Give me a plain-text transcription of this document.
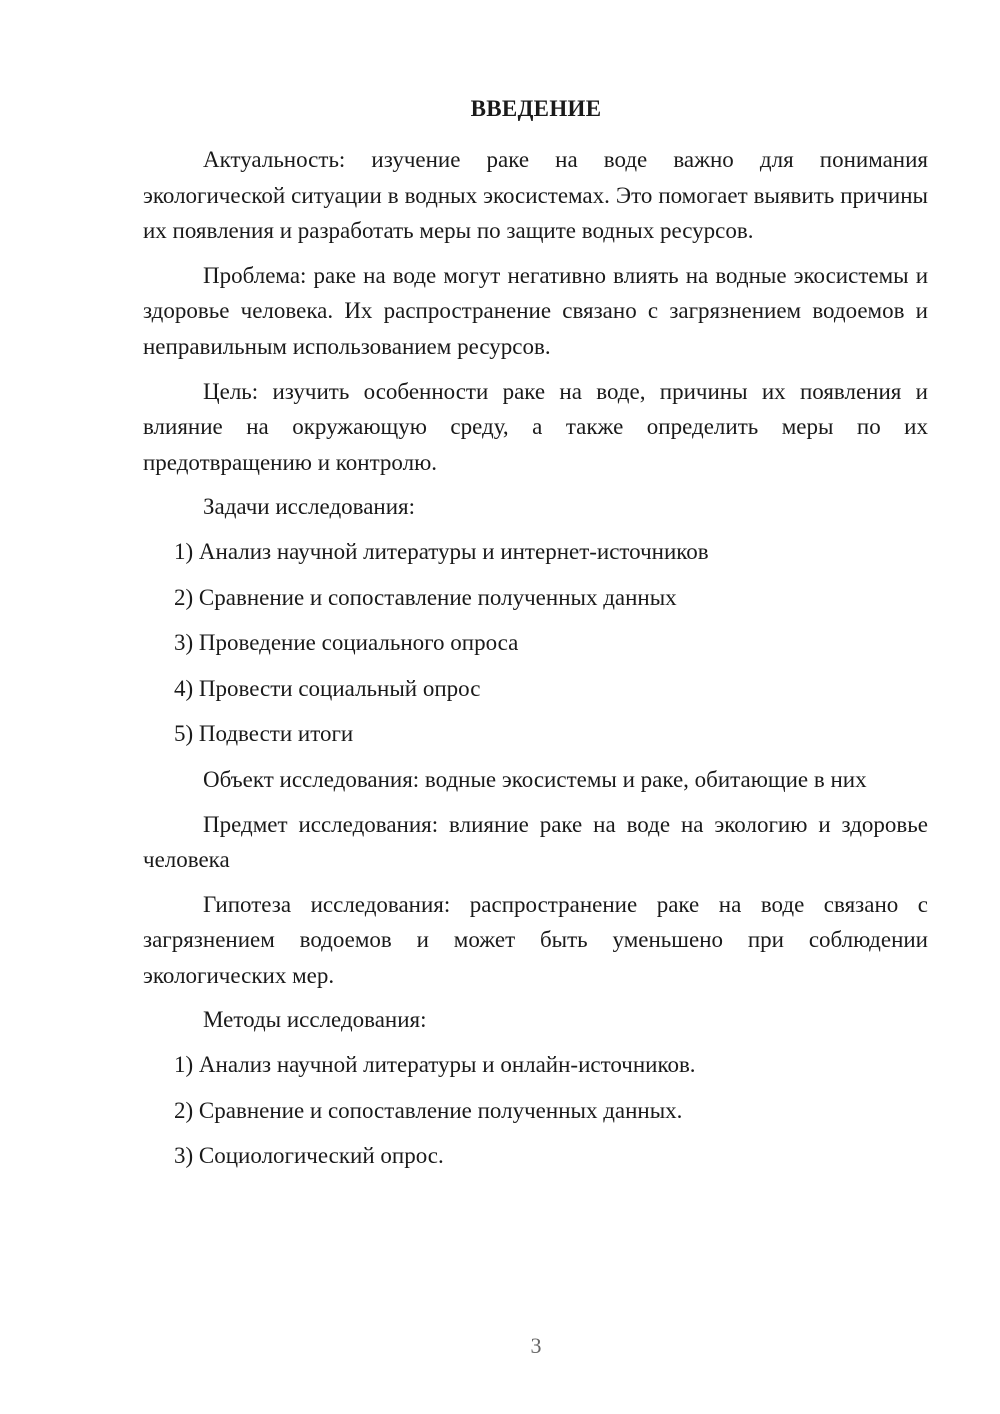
ВВЕДЕНИЕ

Актуальность: изучение раке на воде важно для понимания экологической ситуации в водных экосистемах. Это помогает выявить причины их появления и разработать меры по защите водных ресурсов.

Проблема: раке на воде могут негативно влиять на водные экосистемы и здоровье человека. Их распространение связано с загрязнением водоемов и неправильным использованием ресурсов.

Цель: изучить особенности раке на воде, причины их появления и влияние на окружающую среду, а также определить меры по их предотвращению и контролю.

Задачи исследования:

1) Анализ научной литературы и интернет-источников
2) Сравнение и сопоставление полученных данных
3) Проведение социального опроса
4) Провести социальный опрос
5) Подвести итоги

Объект исследования: водные экосистемы и раке, обитающие в них

Предмет исследования: влияние раке на воде на экологию и здоровье человека

Гипотеза исследования: распространение раке на воде связано с загрязнением водоемов и может быть уменьшено при соблюдении экологических мер.

Методы исследования:

1) Анализ научной литературы и онлайн-источников.
2) Сравнение и сопоставление полученных данных.
3) Социологический опрос.
3
